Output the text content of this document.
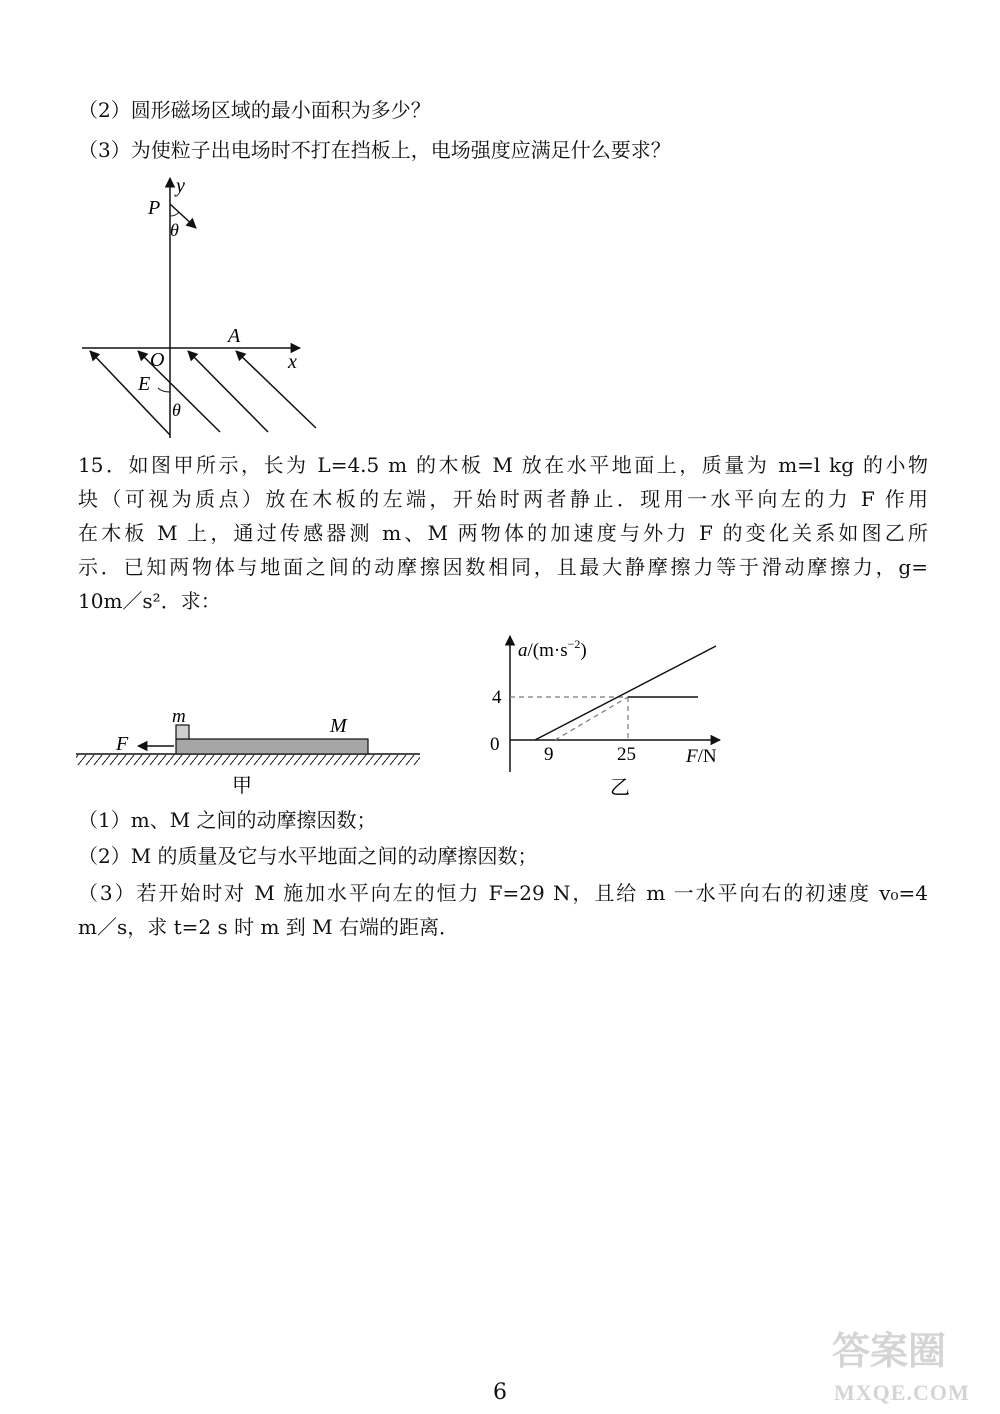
（2）圆形磁场区域的最小面积为多少？
（3）为使粒子出电场时不打在挡板上，电场强度应满足什么要求？
y
P
θ
x
A
O
E
θ
15．如图甲所示，长为 L=4.5 m 的木板 M 放在水平地面上，质量为 m=l kg 的小物
块（可视为质点）放在木板的左端，开始时两者静止．现用一水平向左的力 F 作用
在木板 M 上，通过传感器测 m、M 两物体的加速度与外力 F 的变化关系如图乙所
示．已知两物体与地面之间的动摩擦因数相同，且最大静摩擦力等于滑动摩擦力，g=
10m／s²．求：
m	M
F
甲
$a/(m\cdot s^{-2})$
4
0 9	25	F/N
乙
（1）m、M 之间的动摩擦因数；
（2）M 的质量及它与水平地面之间的动摩擦因数；
（3）若开始时对 M 施加水平向左的恒力 F=29 N，且给 m 一水平向右的初速度 v₀=4
m／s，求 t=2 s 时 m 到 M 右端的距离．
6
答案圈
MXQE.COM
